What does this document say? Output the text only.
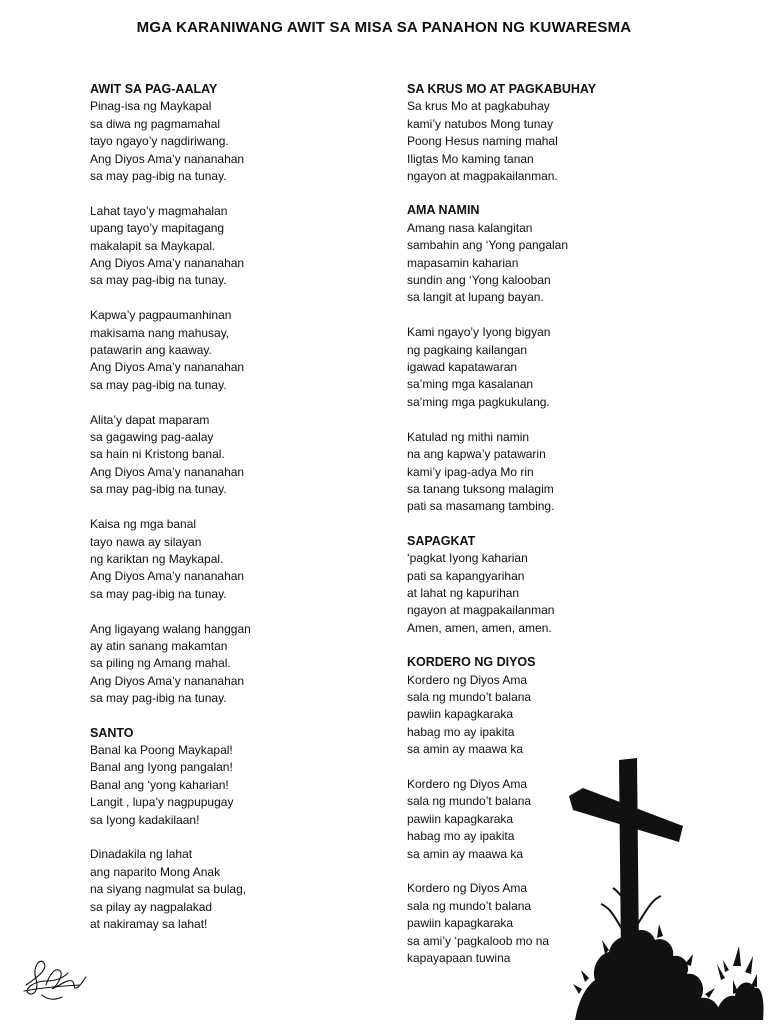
MGA KARANIWANG AWIT SA MISA SA PANAHON NG KUWARESMA
AWIT SA PAG-AALAY
Pinag-isa ng Maykapal
sa diwa ng pagmamahal
tayo ngayo’y nagdiriwang.
Ang Diyos Ama’y nananahan
sa may pag-ibig na tunay.
Lahat tayo’y magmahalan
upang tayo’y mapitagang
makalapit sa Maykapal.
Ang Diyos Ama’y nananahan
sa may pag-ibig na tunay.
Kapwa’y pagpaumanhinan
makisama nang mahusay,
patawarin ang kaaway.
Ang Diyos Ama’y nananahan
sa may pag-ibig na tunay.
Alita’y dapat maparam
sa gagawing pag-aalay
sa hain ni Kristong banal.
Ang Diyos Ama’y nananahan
sa may pag-ibig na tunay.
Kaisa ng mga banal
tayo nawa ay silayan
ng kariktan ng Maykapal.
Ang Diyos Ama’y nananahan
sa may pag-ibig na tunay.
Ang ligayang walang hanggan
ay atin sanang makamtan
sa piling ng Amang mahal.
Ang Diyos Ama’y nananahan
sa may pag-ibig na tunay.
SANTO
Banal ka Poong Maykapal!
Banal ang Iyong pangalan!
Banal ang ‘yong kaharian!
Langit , lupa’y nagpupugay
sa Iyong kadakilaan!
Dinadakila ng lahat
ang naparito Mong Anak
na siyang nagmulat sa bulag,
sa pilay ay nagpalakad
at nakiramay sa lahat!
SA KRUS MO AT PAGKABUHAY
Sa krus Mo at pagkabuhay
kami’y natubos Mong tunay
Poong Hesus naming mahal
Iligtas Mo kaming tanan
ngayon at magpakailanman.
AMA NAMIN
Amang nasa kalangitan
sambahin ang ‘Yong pangalan
mapasamin kaharian
sundin ang ‘Yong kalooban
sa langit at lupang bayan.
Kami ngayo’y Iyong bigyan
ng pagkaing kailangan
igawad kapatawaran
sa’ming mga kasalanan
sa’ming mga pagkukulang.
Katulad ng mithi namin
na ang kapwa’y patawarin
kami’y ipag-adya Mo rin
sa tanang tuksong malagim
pati sa masamang tambing.
SAPAGKAT
‘pagkat Iyong kaharian
pati sa kapangyarihan
at lahat ng kapurihan
ngayon at magpakailanman
Amen, amen, amen, amen.
KORDERO NG DIYOS
Kordero ng Diyos Ama
sala ng mundo’t balana
pawiin kapagkaraka
habag mo ay ipakita
sa amin ay maawa ka
Kordero ng Diyos Ama
sala ng mundo’t balana
pawiin kapagkaraka
habag mo ay ipakita
sa amin ay maawa ka
Kordero ng Diyos Ama
sala ng mundo’t balana
pawiin kapagkaraka
sa ami’y ‘pagkaloob mo na
kapayapaan tuwina
